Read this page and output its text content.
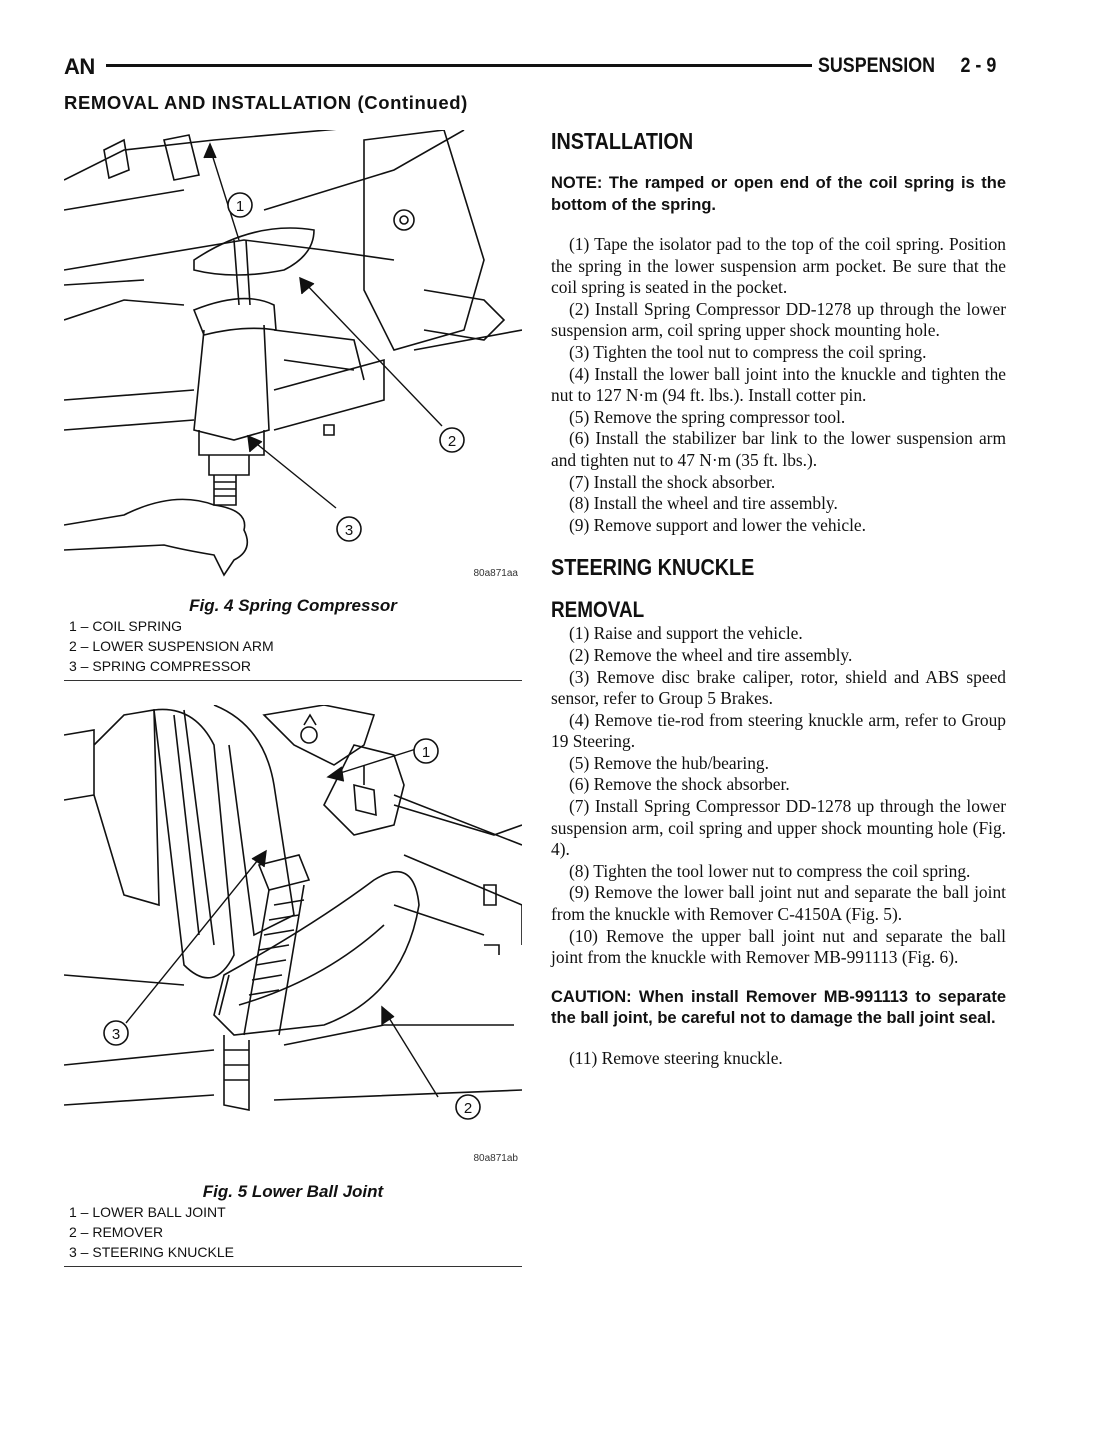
AN	SUSPENSION 2 - 9
REMOVAL AND INSTALLATION (Continued)
1
2
3
80a871aa
Fig. 4 Spring Compressor
1 – COIL SPRING
2 – LOWER SUSPENSION ARM
3 – SPRING COMPRESSOR
1
2
3
80a871ab
Fig. 5 Lower Ball Joint
1 – LOWER BALL JOINT
2 – REMOVER
3 – STEERING KNUCKLE
INSTALLATION

NOTE: The ramped or open end of the coil spring is the bottom of the spring.

(1) Tape the isolator pad to the top of the coil spring. Position the spring in the lower suspension arm pocket. Be sure that the coil spring is seated in the pocket.

(2) Install Spring Compressor DD-1278 up through the lower suspension arm, coil spring upper shock mounting hole.

(3) Tighten the tool nut to compress the coil spring.

(4) Install the lower ball joint into the knuckle and tighten the nut to 127 N·m (94 ft. lbs.). Install cotter pin.

(5) Remove the spring compressor tool.

(6) Install the stabilizer bar link to the lower suspension arm and tighten nut to 47 N·m (35 ft. lbs.).

(7) Install the shock absorber.

(8) Install the wheel and tire assembly.

(9) Remove support and lower the vehicle.

STEERING KNUCKLE
REMOVAL

(1) Raise and support the vehicle.

(2) Remove the wheel and tire assembly.

(3) Remove disc brake caliper, rotor, shield and ABS speed sensor, refer to Group 5 Brakes.

(4) Remove tie-rod from steering knuckle arm, refer to Group 19 Steering.

(5) Remove the hub/bearing.

(6) Remove the shock absorber.

(7) Install Spring Compressor DD-1278 up through the lower suspension arm, coil spring and upper shock mounting hole (Fig. 4).

(8) Tighten the tool lower nut to compress the coil spring.

(9) Remove the lower ball joint nut and separate the ball joint from the knuckle with Remover C-4150A (Fig. 5).

(10) Remove the upper ball joint nut and separate the ball joint from the knuckle with Remover MB-991113 (Fig. 6).

CAUTION: When install Remover MB-991113 to separate the ball joint, be careful not to damage the ball joint seal.

(11) Remove steering knuckle.
